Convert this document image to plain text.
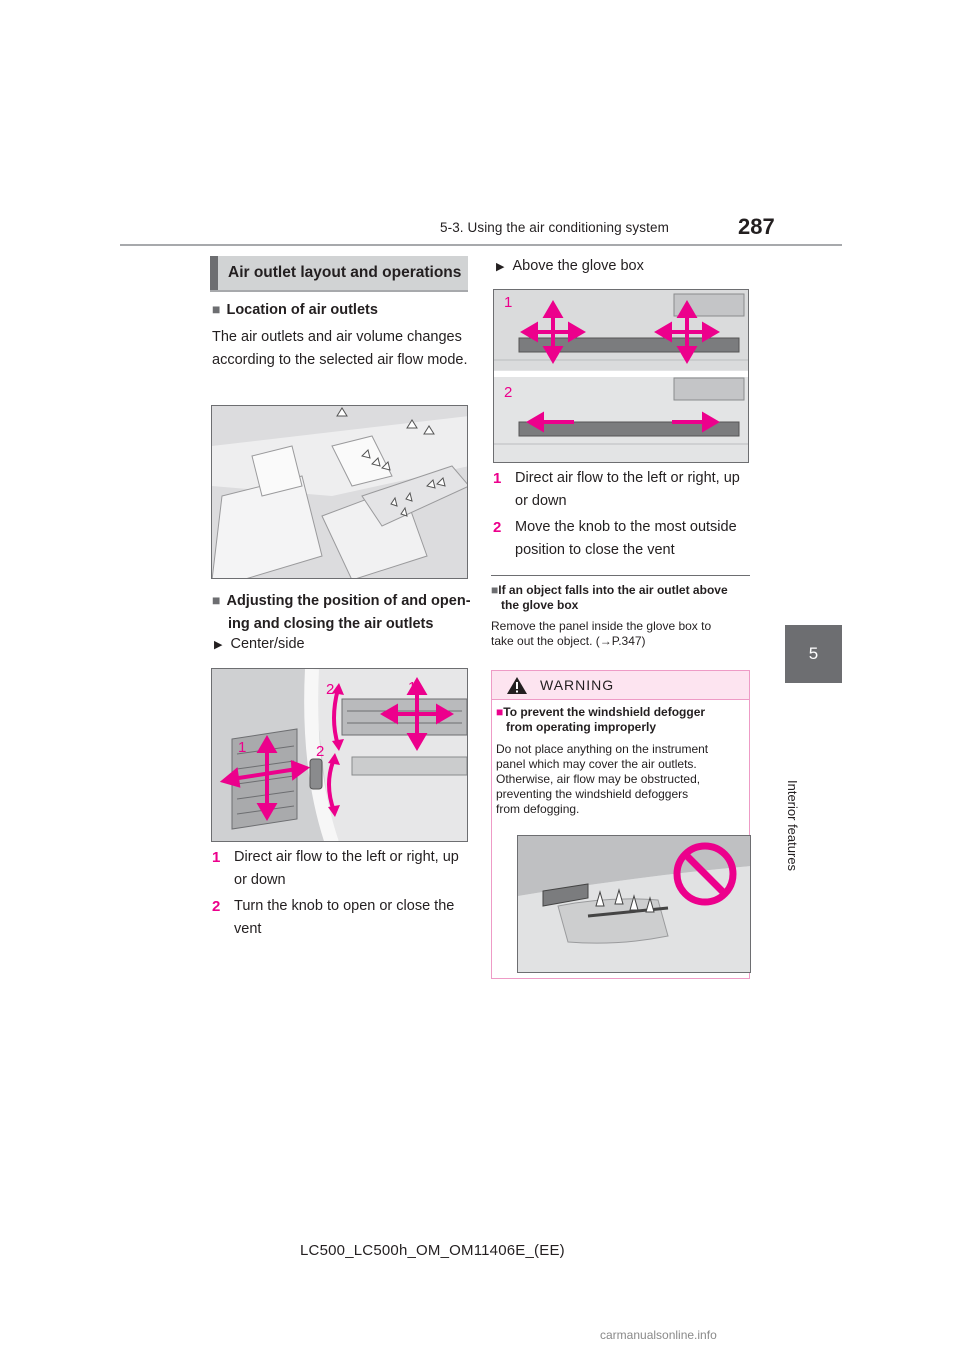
5-3. Using the air conditioning system	287
5
Interior features
Air outlet layout and operations
■ Location of air outlets
The air outlets and air volume changes according to the selected air flow mode.
■ Adjusting the position of and open-
ing and closing the air outlets
▶ Center/side
2	1
1	2
1 Direct air flow to the left or right, up
or down
2 Turn the knob to open or close the
vent
▶ Above the glove box
1
2
1 Direct air flow to the left or right, up
or down
2 Move the knob to the most outside
position to close the vent
■If an object falls into the air outlet above
the glove box
Remove the panel inside the glove box to
take out the object. (→P.347)
WARNING
■To prevent the windshield defogger
from operating improperly
Do not place anything on the instrument
panel which may cover the air outlets.
Otherwise, air flow may be obstructed,
preventing the windshield defoggers
from defogging.
LC500_LC500h_OM_OM11406E_(EE)
carmanualsonline.info
